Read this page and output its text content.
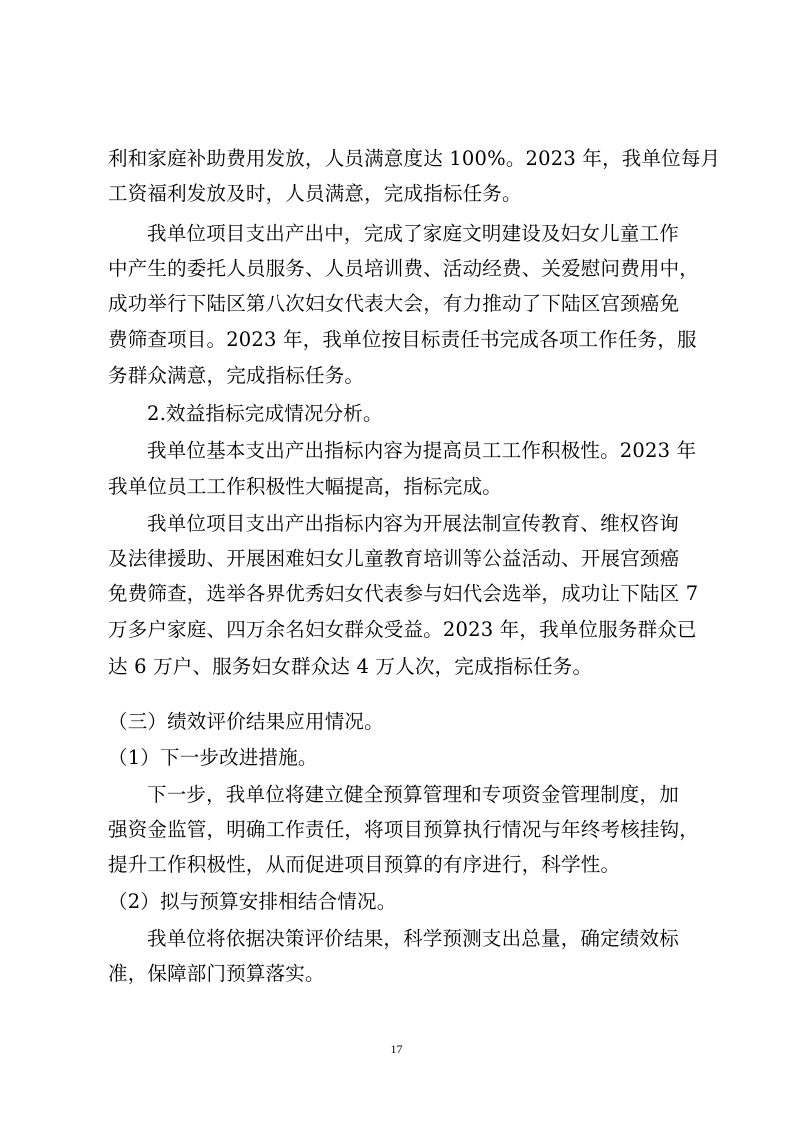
利和家庭补助费用发放，人员满意度达 100%。2023 年，我单位每月
工资福利发放及时，人员满意，完成指标任务。
我单位项目支出产出中，完成了家庭文明建设及妇女儿童工作
中产生的委托人员服务、人员培训费、活动经费、关爱慰问费用中，
成功举行下陆区第八次妇女代表大会，有力推动了下陆区宫颈癌免
费筛查项目。2023 年，我单位按目标责任书完成各项工作任务，服
务群众满意，完成指标任务。
2.效益指标完成情况分析。
我单位基本支出产出指标内容为提高员工工作积极性。2023 年
我单位员工工作积极性大幅提高，指标完成。
我单位项目支出产出指标内容为开展法制宣传教育、维权咨询
及法律援助、开展困难妇女儿童教育培训等公益活动、开展宫颈癌
免费筛查，选举各界优秀妇女代表参与妇代会选举，成功让下陆区 7
万多户家庭、四万余名妇女群众受益。2023 年，我单位服务群众已
达 6 万户、服务妇女群众达 4 万人次，完成指标任务。
（三）绩效评价结果应用情况。
（1）下一步改进措施。
下一步，我单位将建立健全预算管理和专项资金管理制度，加
强资金监管，明确工作责任，将项目预算执行情况与年终考核挂钩，
提升工作积极性，从而促进项目预算的有序进行，科学性。
（2）拟与预算安排相结合情况。
我单位将依据决策评价结果，科学预测支出总量，确定绩效标
准，保障部门预算落实。
17
